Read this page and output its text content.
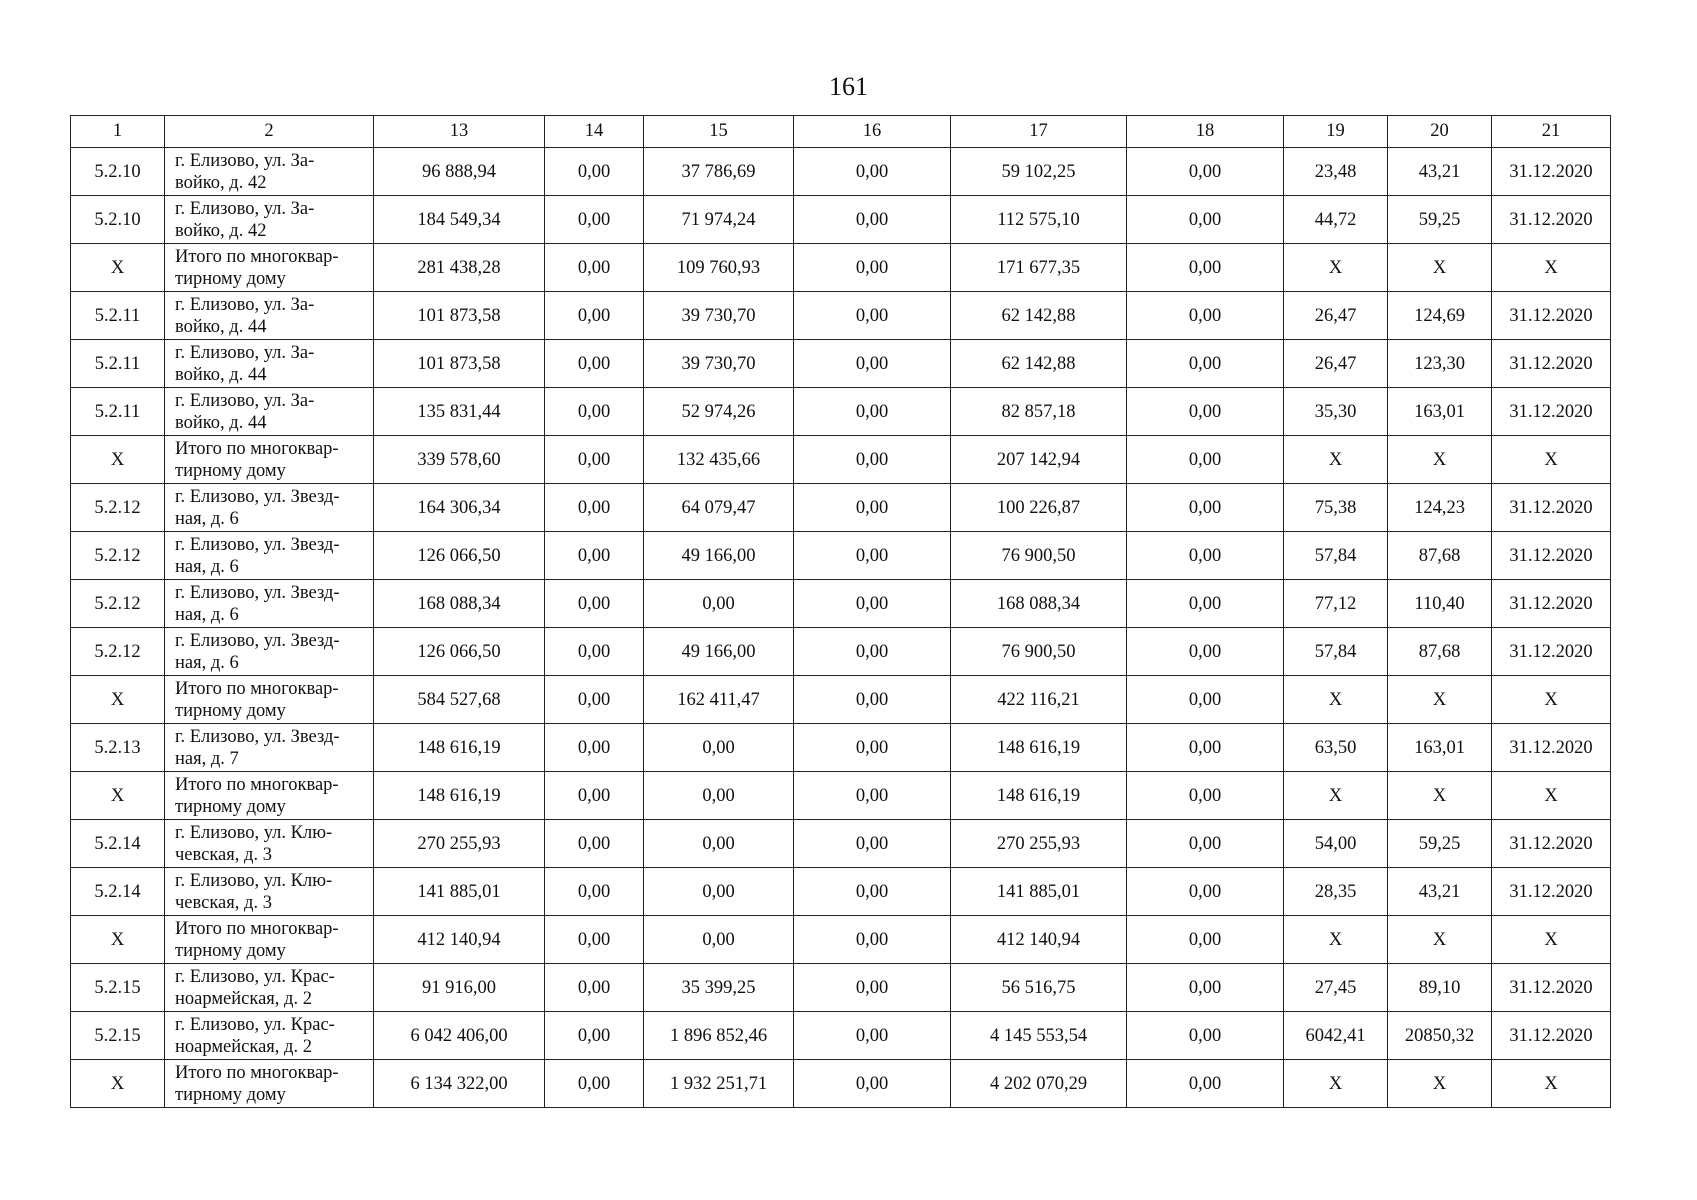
161
1	2	13	14	15	16	17	18	19	20	21
5.2.10	г. Елизово, ул. За-
войко, д. 42	96 888,94	0,00	37 786,69	0,00	59 102,25	0,00	23,48	43,21	31.12.2020
5.2.10	г. Елизово, ул. За-
войко, д. 42	184 549,34	0,00	71 974,24	0,00	112 575,10	0,00	44,72	59,25	31.12.2020
X	Итого по многоквар-
тирному дому	281 438,28	0,00	109 760,93	0,00	171 677,35	0,00	X	X	X
5.2.11	г. Елизово, ул. За-
войко, д. 44	101 873,58	0,00	39 730,70	0,00	62 142,88	0,00	26,47	124,69	31.12.2020
5.2.11	г. Елизово, ул. За-
войко, д. 44	101 873,58	0,00	39 730,70	0,00	62 142,88	0,00	26,47	123,30	31.12.2020
5.2.11	г. Елизово, ул. За-
войко, д. 44	135 831,44	0,00	52 974,26	0,00	82 857,18	0,00	35,30	163,01	31.12.2020
X	Итого по многоквар-
тирному дому	339 578,60	0,00	132 435,66	0,00	207 142,94	0,00	X	X	X
5.2.12	г. Елизово, ул. Звезд-
ная, д. 6	164 306,34	0,00	64 079,47	0,00	100 226,87	0,00	75,38	124,23	31.12.2020
5.2.12	г. Елизово, ул. Звезд-
ная, д. 6	126 066,50	0,00	49 166,00	0,00	76 900,50	0,00	57,84	87,68	31.12.2020
5.2.12	г. Елизово, ул. Звезд-
ная, д. 6	168 088,34	0,00	0,00	0,00	168 088,34	0,00	77,12	110,40	31.12.2020
5.2.12	г. Елизово, ул. Звезд-
ная, д. 6	126 066,50	0,00	49 166,00	0,00	76 900,50	0,00	57,84	87,68	31.12.2020
X	Итого по многоквар-
тирному дому	584 527,68	0,00	162 411,47	0,00	422 116,21	0,00	X	X	X
5.2.13	г. Елизово, ул. Звезд-
ная, д. 7	148 616,19	0,00	0,00	0,00	148 616,19	0,00	63,50	163,01	31.12.2020
X	Итого по многоквар-
тирному дому	148 616,19	0,00	0,00	0,00	148 616,19	0,00	X	X	X
5.2.14	г. Елизово, ул. Клю-
чевская, д. 3	270 255,93	0,00	0,00	0,00	270 255,93	0,00	54,00	59,25	31.12.2020
5.2.14	г. Елизово, ул. Клю-
чевская, д. 3	141 885,01	0,00	0,00	0,00	141 885,01	0,00	28,35	43,21	31.12.2020
X	Итого по многоквар-
тирному дому	412 140,94	0,00	0,00	0,00	412 140,94	0,00	X	X	X
5.2.15	г. Елизово, ул. Крас-
ноармейская, д. 2	91 916,00	0,00	35 399,25	0,00	56 516,75	0,00	27,45	89,10	31.12.2020
5.2.15	г. Елизово, ул. Крас-
ноармейская, д. 2	6 042 406,00	0,00	1 896 852,46	0,00	4 145 553,54	0,00	6042,41	20850,32	31.12.2020
X	Итого по многоквар-
тирному дому	6 134 322,00	0,00	1 932 251,71	0,00	4 202 070,29	0,00	X	X	X
